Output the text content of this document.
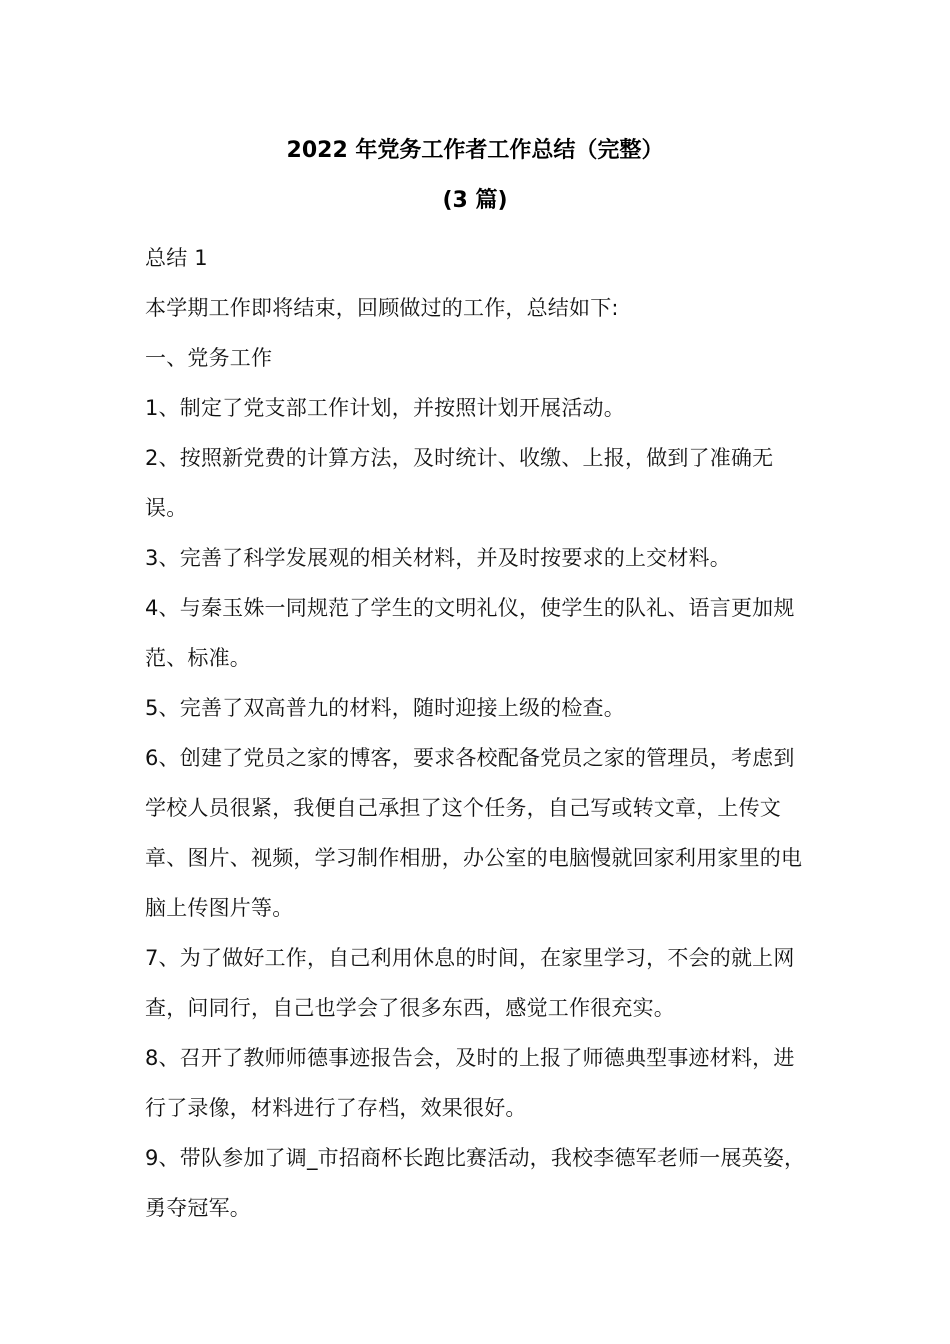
2022 年党务工作者工作总结（完整）
(3 篇)

总结 1

本学期工作即将结束，回顾做过的工作，总结如下:

一、党务工作

1、制定了党支部工作计划，并按照计划开展活动。

2、按照新党费的计算方法，及时统计、收缴、上报，做到了准确无误。

3、完善了科学发展观的相关材料，并及时按要求的上交材料。

4、与秦玉姝一同规范了学生的文明礼仪，使学生的队礼、语言更加规范、标准。

5、完善了双高普九的材料，随时迎接上级的检查。

6、创建了党员之家的博客，要求各校配备党员之家的管理员，考虑到学校人员很紧，我便自己承担了这个任务，自己写或转文章，上传文章、图片、视频，学习制作相册，办公室的电脑慢就回家利用家里的电脑上传图片等。

7、为了做好工作，自己利用休息的时间，在家里学习，不会的就上网查，问同行，自己也学会了很多东西，感觉工作很充实。

8、召开了教师师德事迹报告会，及时的上报了师德典型事迹材料，进行了录像，材料进行了存档，效果很好。

9、带队参加了调_市招商杯长跑比赛活动，我校李德军老师一展英姿，勇夺冠军。
